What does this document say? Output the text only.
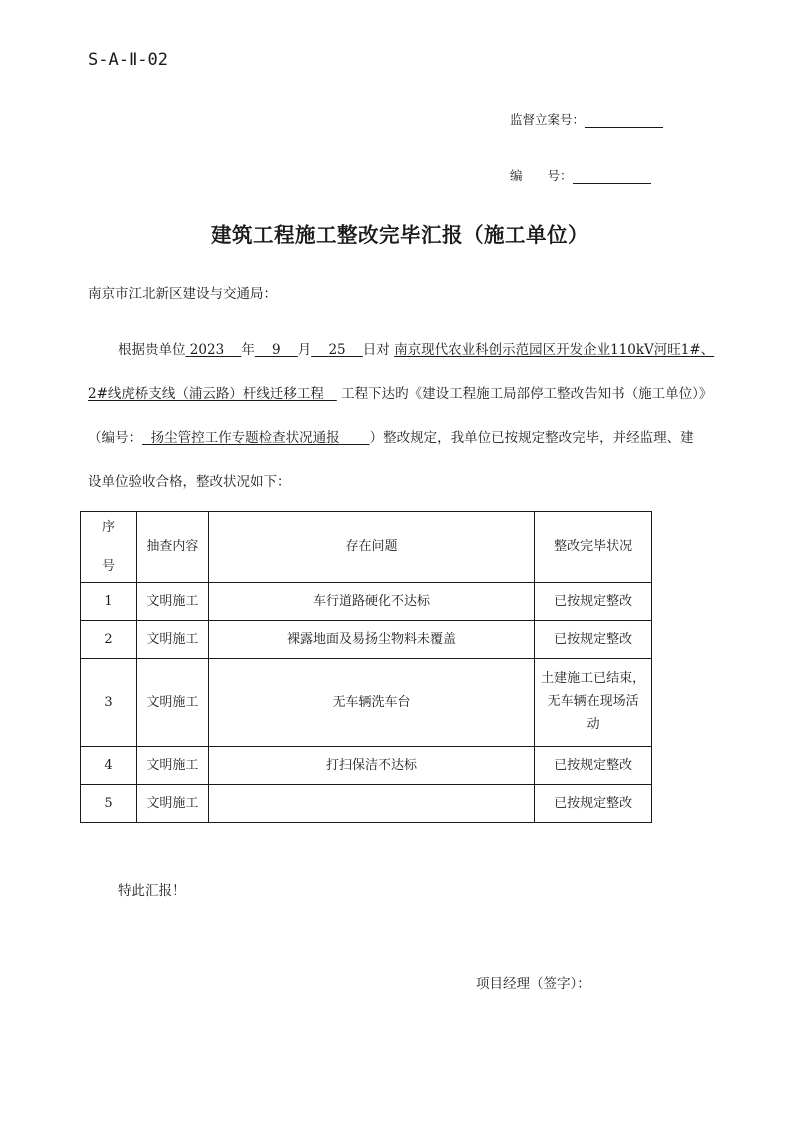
S-A-Ⅱ-02
监督立案号：
编　　号：
建筑工程施工整改完毕汇报（施工单位）
南京市江北新区建设与交通局：
根据贵单位 2023 年 9 月 25 日对 南京现代农业科创示范园区开发企业110kV河旺1#、
2#线虎桥支线（浦云路）杆线迁移工程 工程下达旳《建设工程施工局部停工整改告知书（施工单位）》
（编号： 扬尘管控工作专题检查状况通报 ）整改规定，我单位已按规定整改完毕，并经监理、建
设单位验收合格，整改状况如下：
序

号	抽查内容	存在问题	整改完毕状况
1	文明施工	车行道路硬化不达标	已按规定整改
2	文明施工	裸露地面及易扬尘物料未覆盖	已按规定整改
3	文明施工	无车辆洗车台	土建施工已结束，
无车辆在现场活
动
4	文明施工	打扫保洁不达标	已按规定整改
5	文明施工		已按规定整改
特此汇报！
项目经理（签字）：
